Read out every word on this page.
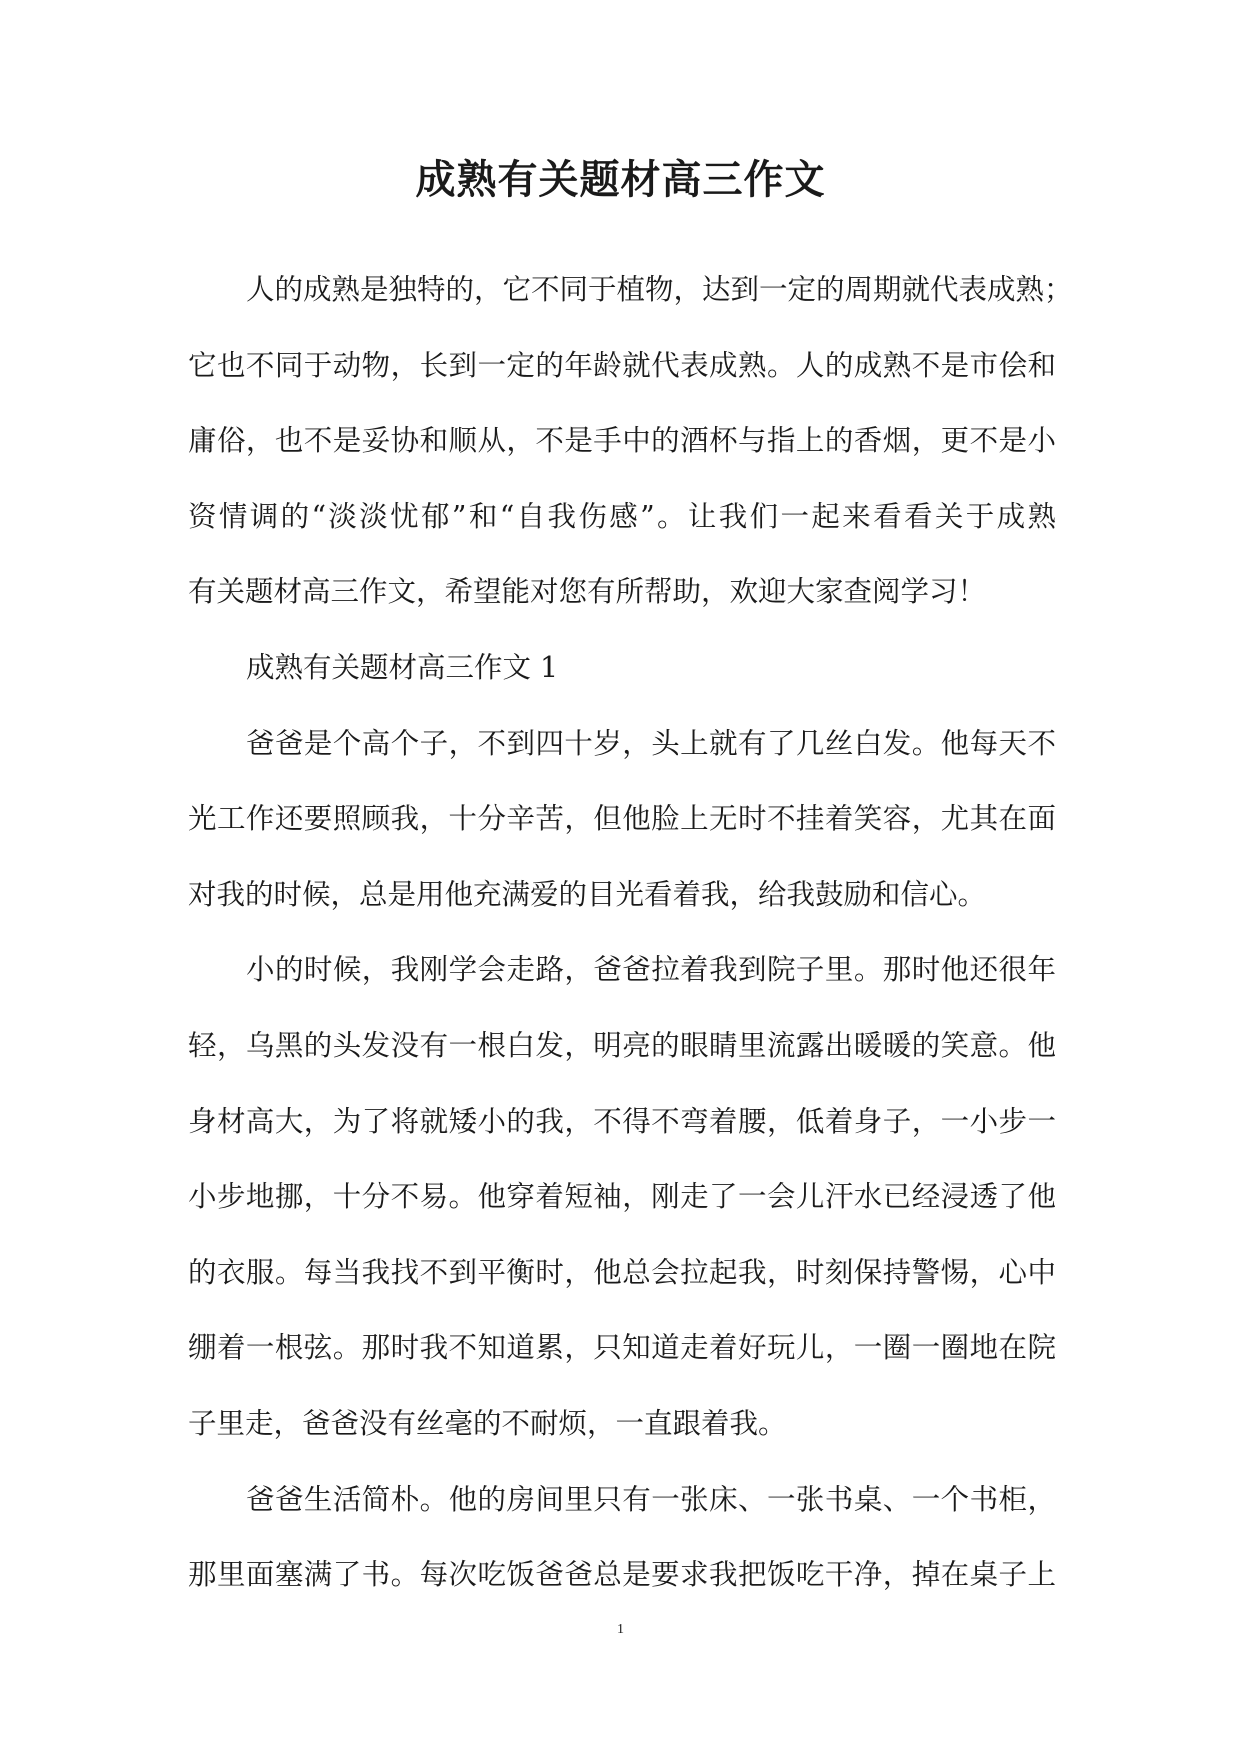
成熟有关题材高三作文
人的成熟是独特的，它不同于植物，达到一定的周期就代表成熟；
它也不同于动物，长到一定的年龄就代表成熟。人的成熟不是市侩和
庸俗，也不是妥协和顺从，不是手中的酒杯与指上的香烟，更不是小
资情调的“淡淡忧郁”和“自我伤感”。让我们一起来看看关于成熟
有关题材高三作文，希望能对您有所帮助，欢迎大家查阅学习！
成熟有关题材高三作文 1
爸爸是个高个子，不到四十岁，头上就有了几丝白发。他每天不
光工作还要照顾我，十分辛苦，但他脸上无时不挂着笑容，尤其在面
对我的时候，总是用他充满爱的目光看着我，给我鼓励和信心。
小的时候，我刚学会走路，爸爸拉着我到院子里。那时他还很年
轻，乌黑的头发没有一根白发，明亮的眼睛里流露出暖暖的笑意。他
身材高大，为了将就矮小的我，不得不弯着腰，低着身子，一小步一
小步地挪，十分不易。他穿着短袖，刚走了一会儿汗水已经浸透了他
的衣服。每当我找不到平衡时，他总会拉起我，时刻保持警惕，心中
绷着一根弦。那时我不知道累，只知道走着好玩儿，一圈一圈地在院
子里走，爸爸没有丝毫的不耐烦，一直跟着我。
爸爸生活简朴。他的房间里只有一张床、一张书桌、一个书柜，
那里面塞满了书。每次吃饭爸爸总是要求我把饭吃干净，掉在桌子上
1
